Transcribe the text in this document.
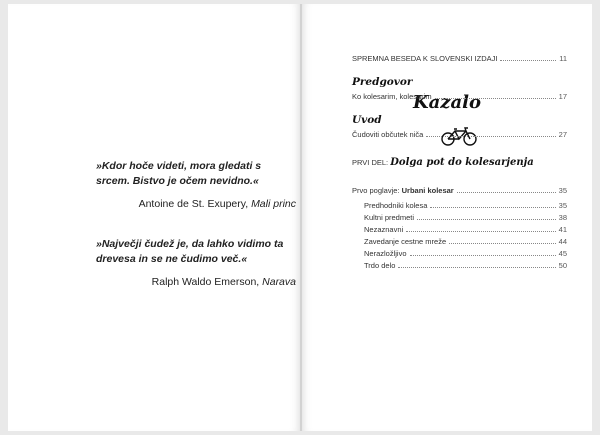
»Kdor hoče videti, mora gledati s srcem. Bistvo je očem nevidno.«
Antoine de St. Exupery, Mali princ
»Največji čudež je, da lahko vidimo ta drevesa in se ne čudimo več.«
Ralph Waldo Emerson, Narava
Kazalo
SPREMNA BESEDA K SLOVENSKI IZDAJI	11
Predgovor
Ko kolesarim, kolesarim	17
Uvod
Čudoviti občutek niča	27
PRVI DEL: Dolga pot do kolesarjenja
Prvo poglavje: Urbani kolesar	35
Predhodniki kolesa	35
Kultni predmeti	38
Nezaznavni	41
Zavedanje cestne mreže	44
Nerazložljivo	45
Trdo delo	50
